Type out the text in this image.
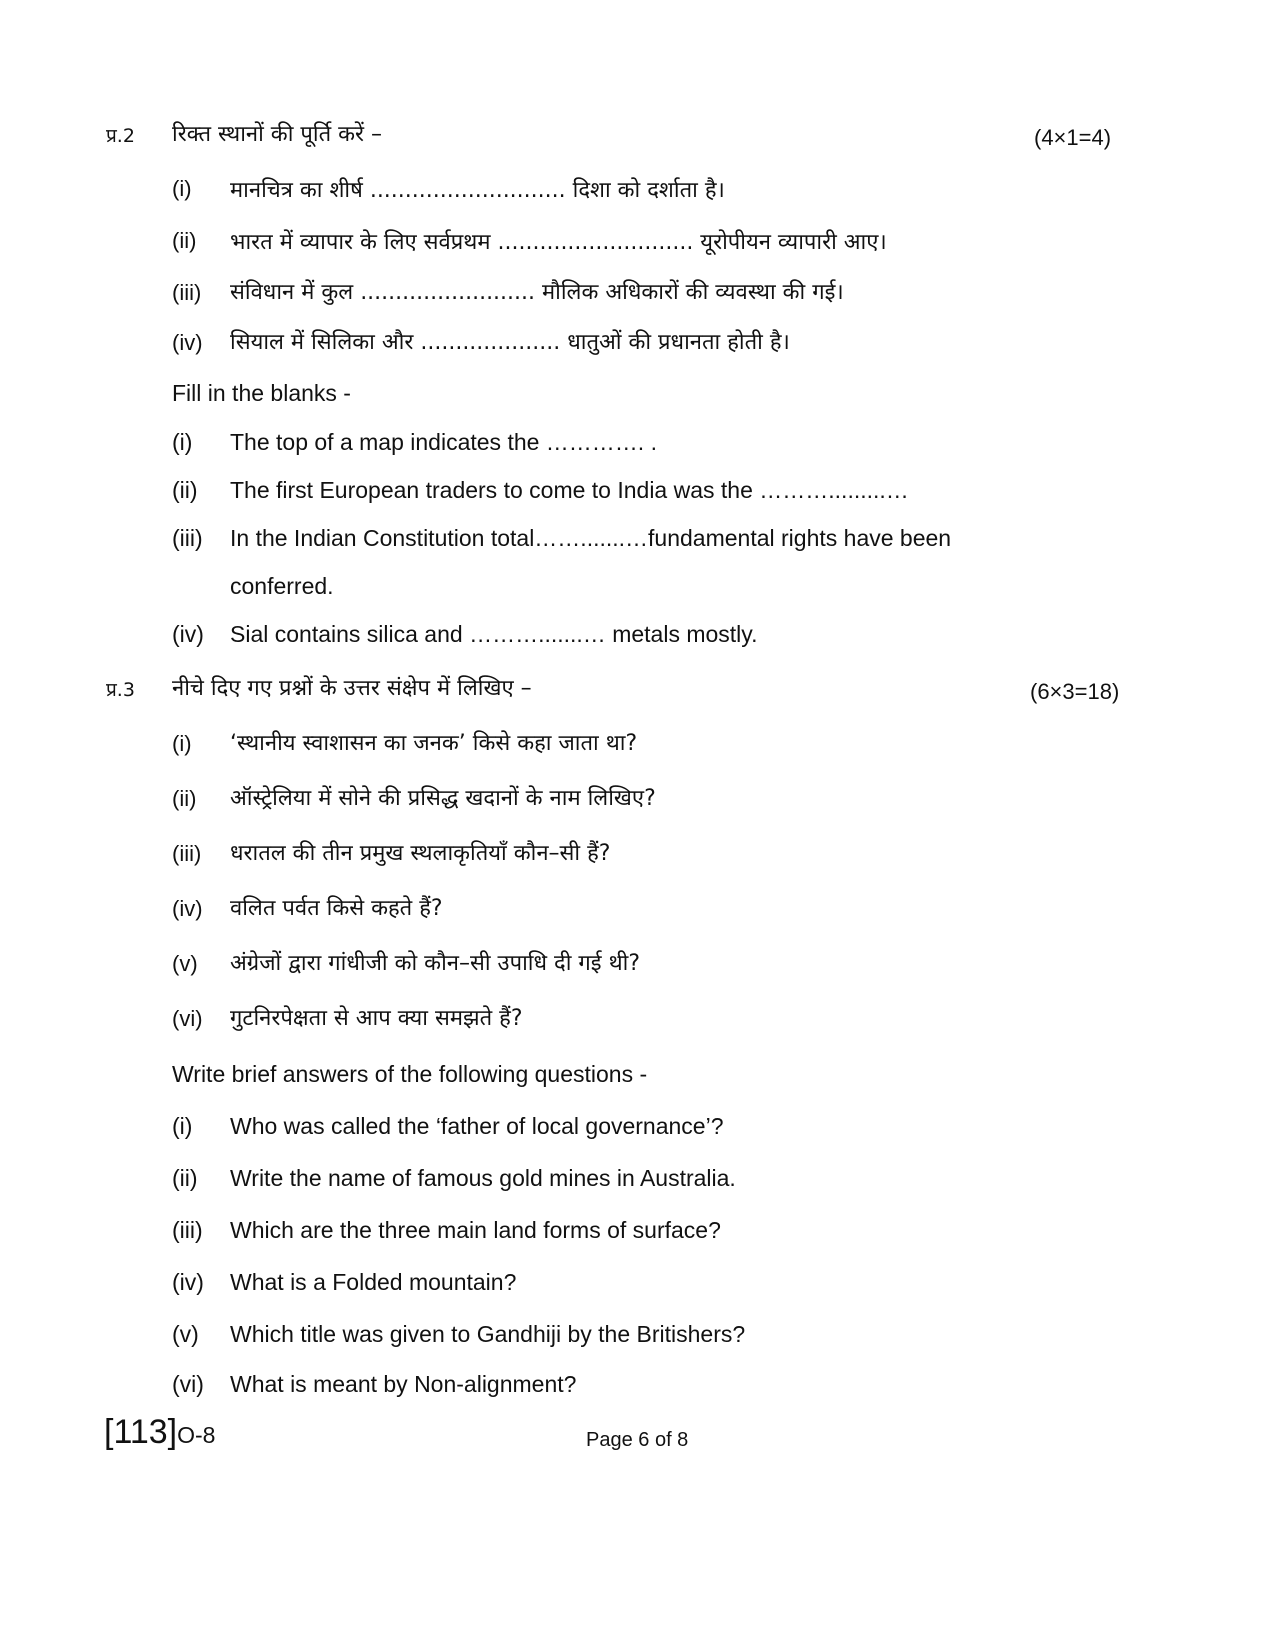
प्र.2 रिक्त स्थानों की पूर्ति करें –	(4×1=4)
(i) मानचित्र का शीर्ष ............................ दिशा को दर्शाता है।
(ii) भारत में व्यापार के लिए सर्वप्रथम ............................ यूरोपीयन व्यापारी आए।
(iii) संविधान में कुल ......................... मौलिक अधिकारों की व्यवस्था की गई।
(iv) सियाल में सिलिका और .................... धातुओं की प्रधानता होती है।
Fill in the blanks -
(i) The top of a map indicates the …………. .
(ii) The first European traders to come to India was the ……….........…
(iii) In the Indian Constitution total…….......…fundamental rights have been
conferred.
(iv) Sial contains silica and ……….......… metals mostly.
प्र.3 नीचे दिए गए प्रश्नों के उत्तर संक्षेप में लिखिए –	(6×3=18)
(i) ‘स्थानीय स्वाशासन का जनक’ किसे कहा जाता था?
(ii) ऑस्ट्रेलिया में सोने की प्रसिद्ध खदानों के नाम लिखिए?
(iii) धरातल की तीन प्रमुख स्थलाकृतियाँ कौन–सी हैं?
(iv) वलित पर्वत किसे कहते हैं?
(v) अंग्रेजों द्वारा गांधीजी को कौन–सी उपाधि दी गई थी?
(vi) गुटनिरपेक्षता से आप क्या समझते हैं?
Write brief answers of the following questions -
(i) Who was called the ‘father of local governance’?
(ii) Write the name of famous gold mines in Australia.
(iii) Which are the three main land forms of surface?
(iv) What is a Folded mountain?
(v) Which title was given to Gandhiji by the Britishers?
(vi) What is meant by Non-alignment?
[113]O-8	Page 6 of 8
